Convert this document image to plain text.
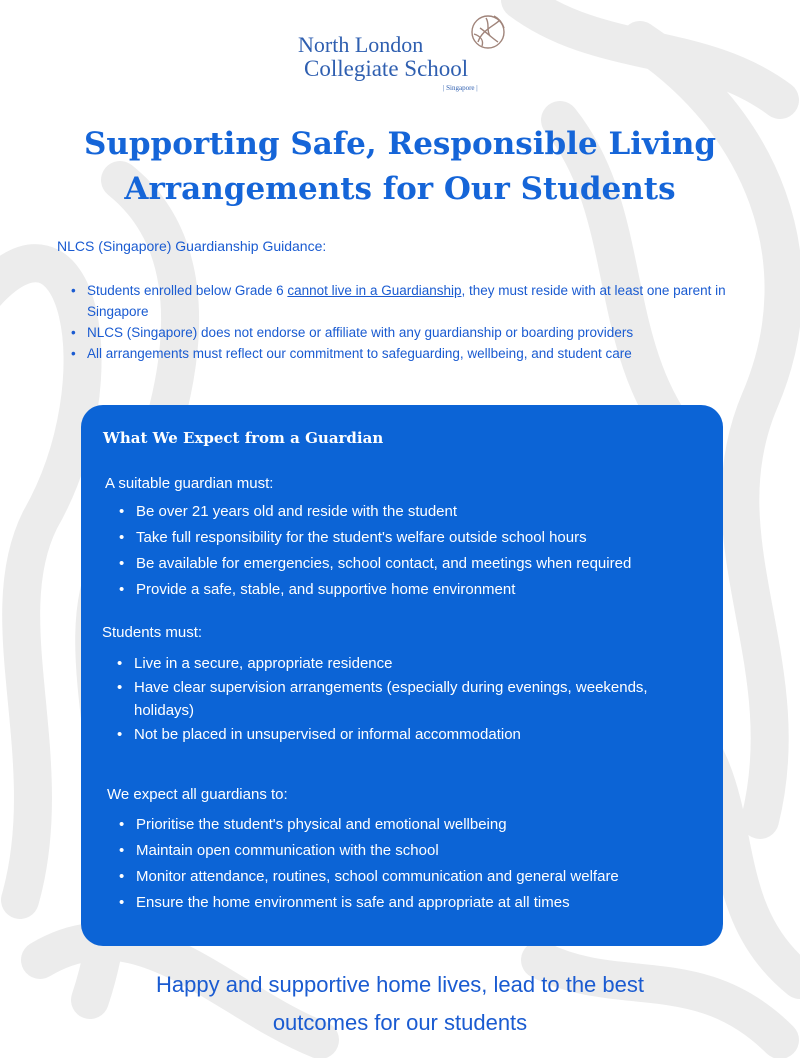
North London
Collegiate School
| Singapore |
Supporting Safe, Responsible Living
Arrangements for Our Students
NLCS (Singapore) Guardianship Guidance:
• Students enrolled below Grade 6 cannot live in a Guardianship, they must reside with at least one parent in Singapore
• NLCS (Singapore) does not endorse or affiliate with any guardianship or boarding providers
• All arrangements must reflect our commitment to safeguarding, wellbeing, and student care
What We Expect from a Guardian
A suitable guardian must:
• Be over 21 years old and reside with the student
• Take full responsibility for the student's welfare outside school hours
• Be available for emergencies, school contact, and meetings when required
• Provide a safe, stable, and supportive home environment
Students must:
• Live in a secure, appropriate residence
• Have clear supervision arrangements (especially during evenings, weekends, holidays)
• Not be placed in unsupervised or informal accommodation
We expect all guardians to:
• Prioritise the student's physical and emotional wellbeing
• Maintain open communication with the school
• Monitor attendance, routines, school communication and general welfare
• Ensure the home environment is safe and appropriate at all times
Happy and supportive home lives, lead to the best
outcomes for our students
